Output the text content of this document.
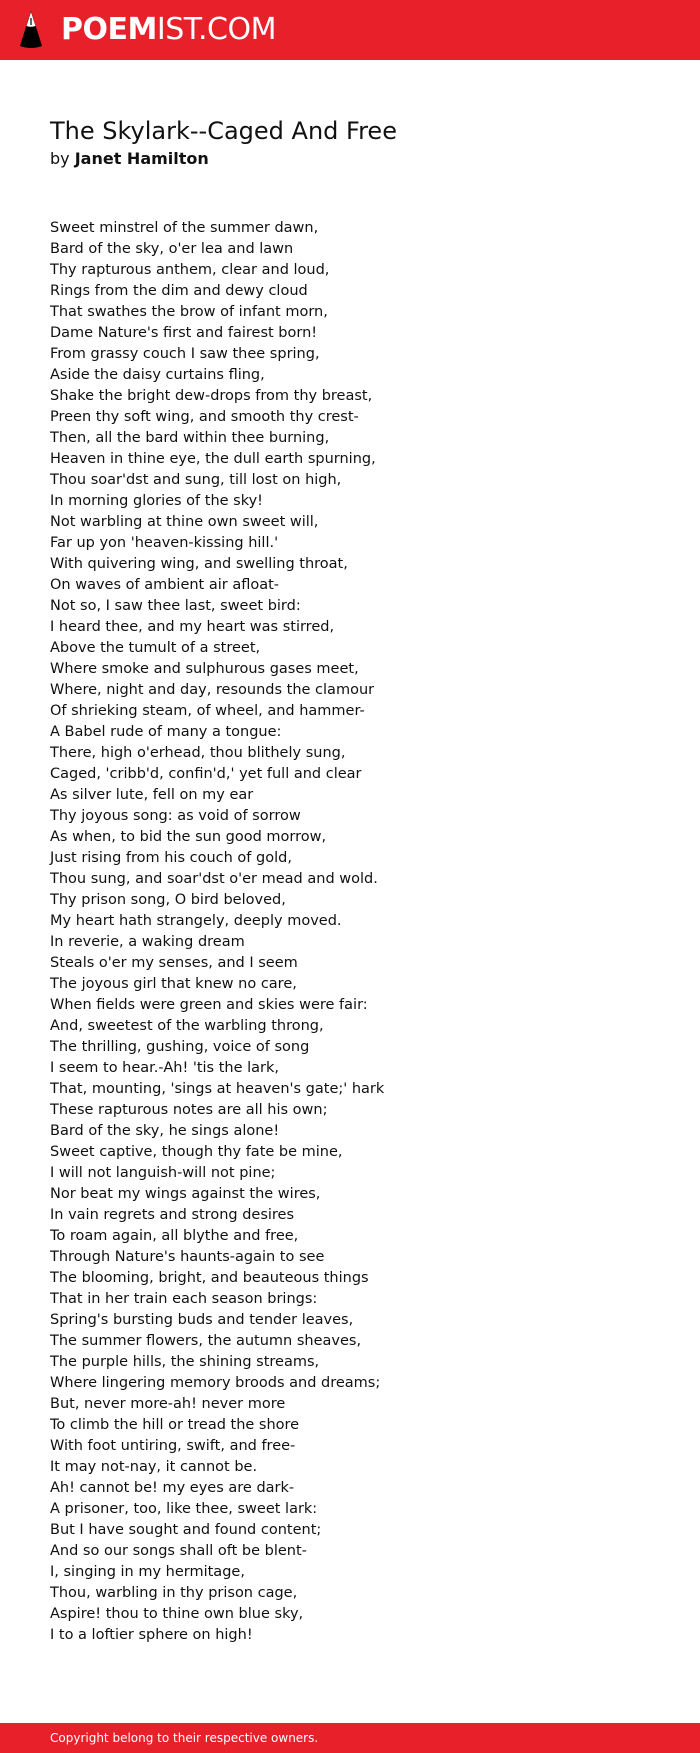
POEMIST.COM
The Skylark--Caged And Free
by Janet Hamilton
Sweet minstrel of the summer dawn,
Bard of the sky, o'er lea and lawn
Thy rapturous anthem, clear and loud,
Rings from the dim and dewy cloud
That swathes the brow of infant morn,
Dame Nature's first and fairest born!
From grassy couch I saw thee spring,
Aside the daisy curtains fling,
Shake the bright dew-drops from thy breast,
Preen thy soft wing, and smooth thy crest-
Then, all the bard within thee burning,
Heaven in thine eye, the dull earth spurning,
Thou soar'dst and sung, till lost on high,
In morning glories of the sky!
Not warbling at thine own sweet will,
Far up yon 'heaven-kissing hill.'
With quivering wing, and swelling throat,
On waves of ambient air afloat-
Not so, I saw thee last, sweet bird:
I heard thee, and my heart was stirred,
Above the tumult of a street,
Where smoke and sulphurous gases meet,
Where, night and day, resounds the clamour
Of shrieking steam, of wheel, and hammer-
A Babel rude of many a tongue:
There, high o'erhead, thou blithely sung,
Caged, 'cribb'd, confin'd,' yet full and clear
As silver lute, fell on my ear
Thy joyous song: as void of sorrow
As when, to bid the sun good morrow,
Just rising from his couch of gold,
Thou sung, and soar'dst o'er mead and wold.
Thy prison song, O bird beloved,
My heart hath strangely, deeply moved.
In reverie, a waking dream
Steals o'er my senses, and I seem
The joyous girl that knew no care,
When fields were green and skies were fair:
And, sweetest of the warbling throng,
The thrilling, gushing, voice of song
I seem to hear.-Ah! 'tis the lark,
That, mounting, 'sings at heaven's gate;' hark
These rapturous notes are all his own;
Bard of the sky, he sings alone!
Sweet captive, though thy fate be mine,
I will not languish-will not pine;
Nor beat my wings against the wires,
In vain regrets and strong desires
To roam again, all blythe and free,
Through Nature's haunts-again to see
The blooming, bright, and beauteous things
That in her train each season brings:
Spring's bursting buds and tender leaves,
The summer flowers, the autumn sheaves,
The purple hills, the shining streams,
Where lingering memory broods and dreams;
But, never more-ah! never more
To climb the hill or tread the shore
With foot untiring, swift, and free-
It may not-nay, it cannot be.
Ah! cannot be! my eyes are dark-
A prisoner, too, like thee, sweet lark:
But I have sought and found content;
And so our songs shall oft be blent-
I, singing in my hermitage,
Thou, warbling in thy prison cage,
Aspire! thou to thine own blue sky,
I to a loftier sphere on high!
Copyright belong to their respective owners.
